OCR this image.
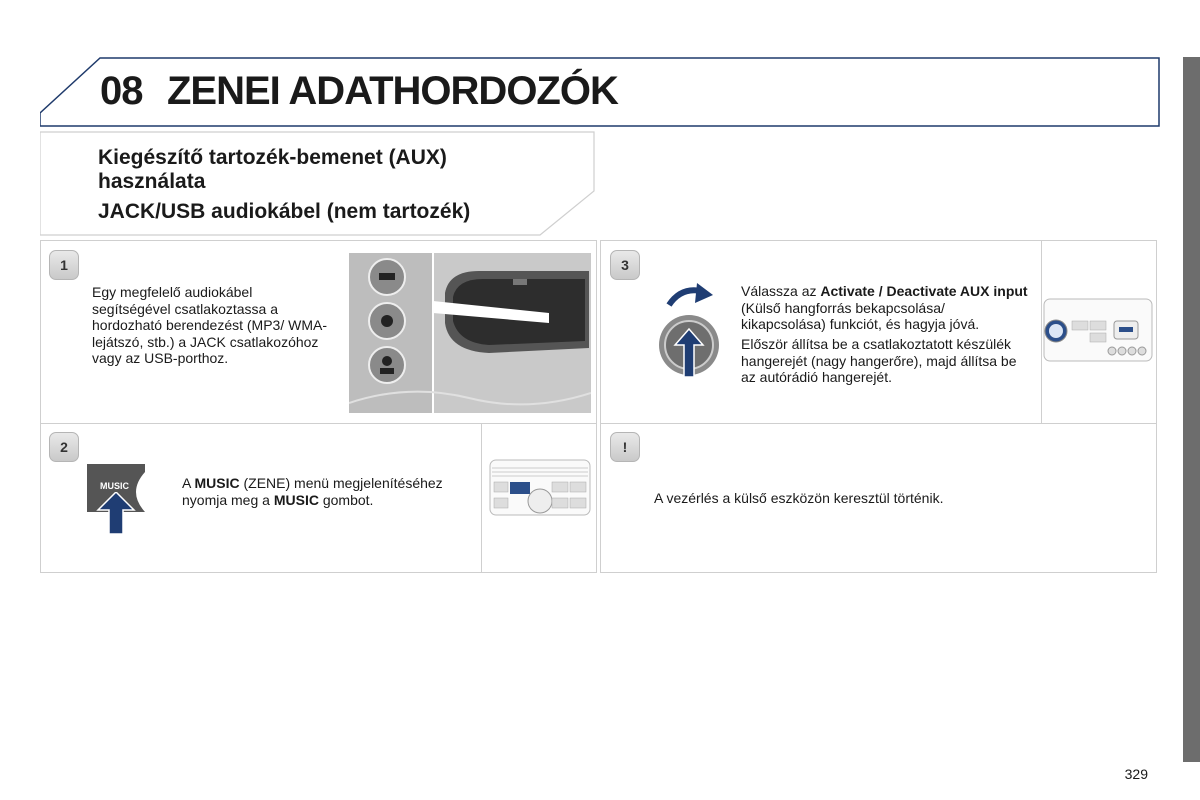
08 ZENEI ADATHORDOZÓK
Kiegészítő tartozék-bemenet (AUX) használata
JACK/USB audiokábel (nem tartozék)
1
Egy megfelelő audiokábel segítségével csatlakoztassa a hordozható berendezést (MP3/ WMA-lejátszó, stb.) a JACK csatlakozóhoz vagy az USB-porthoz.
2
MUSIC	A MUSIC (ZENE) menü megjelenítéséhez nyomja meg a MUSIC gombot.
3
Válassza az Activate / Deactivate AUX input (Külső hangforrás bekapcsolása/ kikapcsolása) funkciót, és hagyja jóvá.
Először állítsa be a csatlakoztatott készülék hangerejét (nagy hangerőre), majd állítsa be az autórádió hangerejét.
!
A vezérlés a külső eszközön keresztül történik.
329
